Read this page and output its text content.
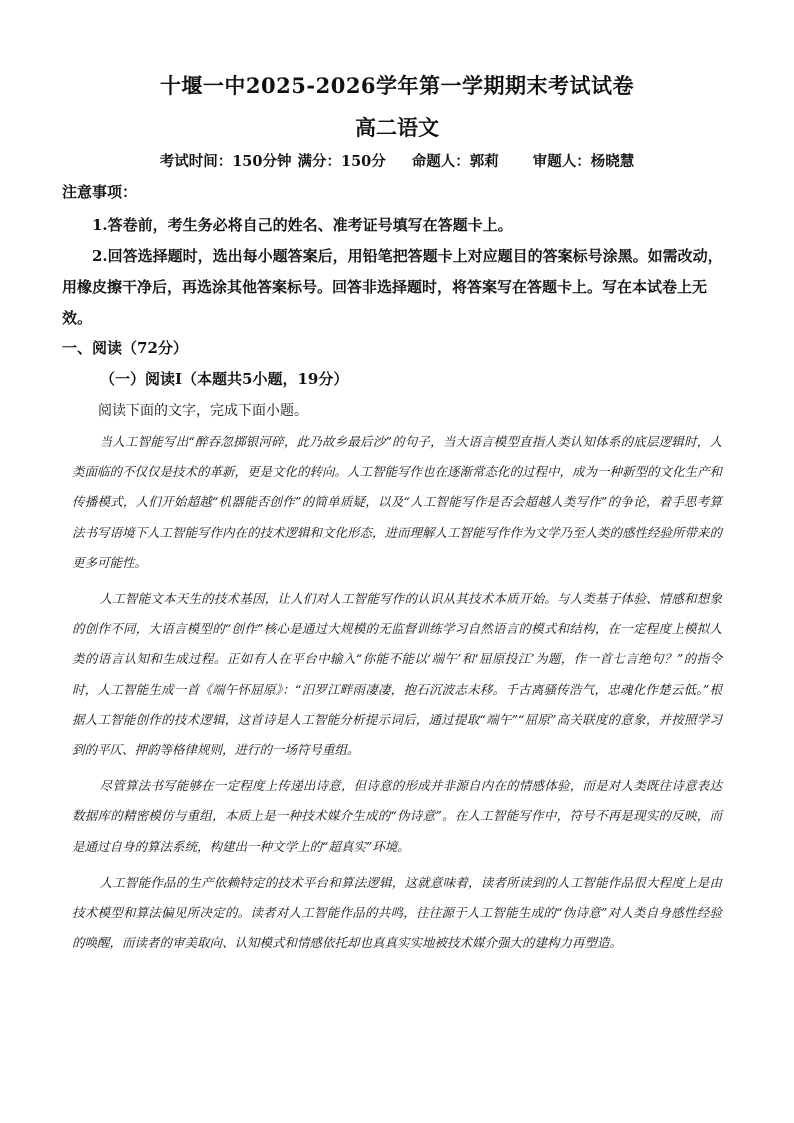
十堰一中2025-2026学年第一学期期末考试试卷
高二语文
考试时间：150分钟 满分：150分 命题人：郭莉 审题人：杨晓慧
注意事项：

1.答卷前，考生务必将自己的姓名、准考证号填写在答题卡上。

2.回答选择题时，选出每小题答案后，用铅笔把答题卡上对应题目的答案标号涂黑。如需改动，用橡皮擦干净后，再选涂其他答案标号。回答非选择题时，将答案写在答题卡上。写在本试卷上无效。

一、阅读（72分）
（一）阅读Ⅰ（本题共5小题，19分）
阅读下面的文字，完成下面小题。

当人工智能写出“醉吞忽掷银河碎，此乃故乡最后沙”的句子，当大语言模型直指人类认知体系的底层逻辑时，人类面临的不仅仅是技术的革新，更是文化的转向。人工智能写作也在逐渐常态化的过程中，成为一种新型的文化生产和传播模式，人们开始超越“机器能否创作”的简单质疑，以及“人工智能写作是否会超越人类写作”的争论，着手思考算法书写语境下人工智能写作内在的技术逻辑和文化形态，进而理解人工智能写作作为文学乃至人类的感性经验所带来的更多可能性。

人工智能文本天生的技术基因，让人们对人工智能写作的认识从其技术本质开始。与人类基于体验、情感和想象的创作不同，大语言模型的“创作”核心是通过大规模的无监督训练学习自然语言的模式和结构，在一定程度上模拟人类的语言认知和生成过程。正如有人在平台中输入“你能不能以‘端午’和‘屈原投江’为题，作一首七言绝句？”的指令时，人工智能生成一首《端午怀屈原》：“汨罗江畔雨凄凄，抱石沉波志未移。千古离骚传浩气，忠魂化作楚云低。”根据人工智能创作的技术逻辑，这首诗是人工智能分析提示词后，通过提取“端午”“屈原”高关联度的意象，并按照学习到的平仄、押韵等格律规则，进行的一场符号重组。

尽管算法书写能够在一定程度上传递出诗意，但诗意的形成并非源自内在的情感体验，而是对人类既往诗意表达数据库的精密模仿与重组，本质上是一种技术媒介生成的“伪诗意”。在人工智能写作中，符号不再是现实的反映，而是通过自身的算法系统，构建出一种文学上的“超真实”环境。

人工智能作品的生产依赖特定的技术平台和算法逻辑，这就意味着，读者所读到的人工智能作品很大程度上是由技术模型和算法偏见所决定的。读者对人工智能作品的共鸣，往往源于人工智能生成的“伪诗意”对人类自身感性经验的唤醒，而读者的审美取向、认知模式和情感依托却也真真实实地被技术媒介强大的建构力再塑造。
